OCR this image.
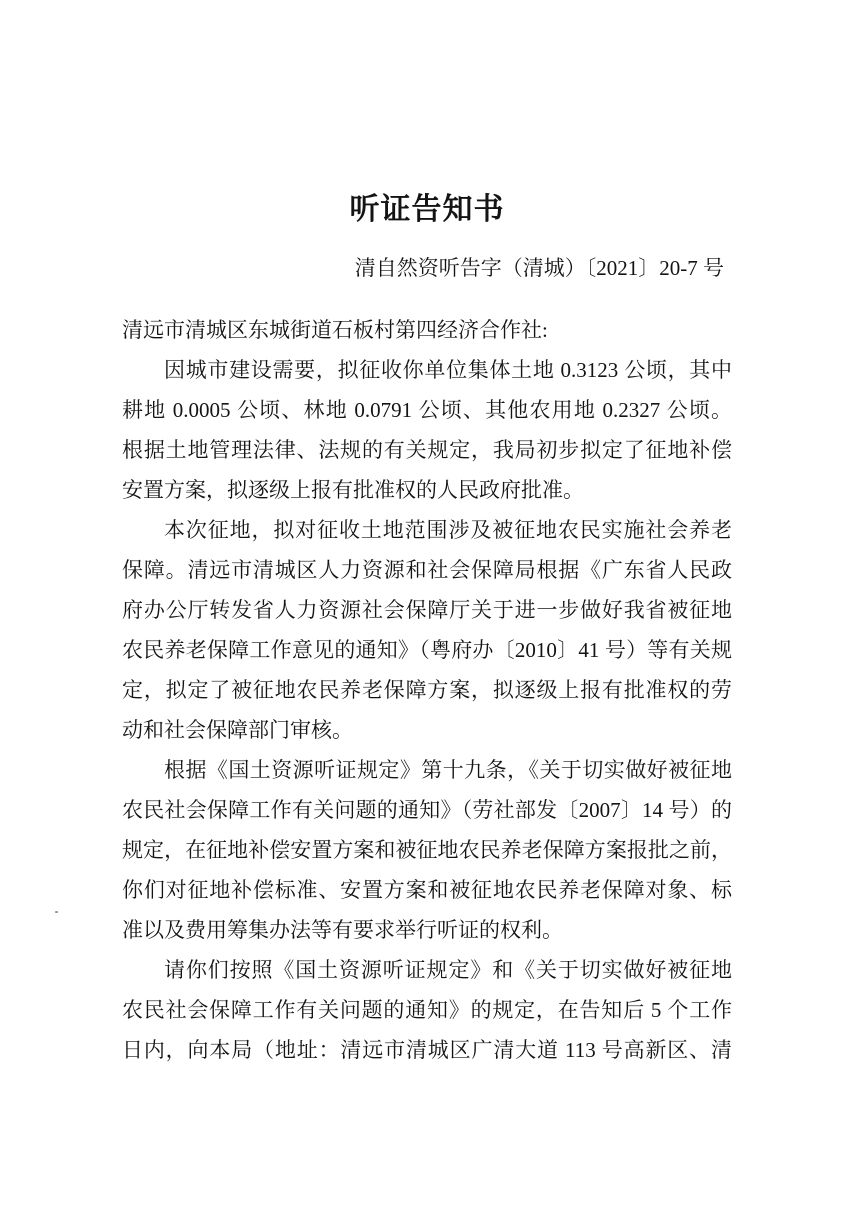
听证告知书
清自然资听告字（清城）〔2021〕20-7 号
清远市清城区东城街道石板村第四经济合作社:
因城市建设需要，拟征收你单位集体土地 0.3123 公顷，其中
耕地 0.0005 公顷、林地 0.0791 公顷、其他农用地 0.2327 公顷。
根据土地管理法律、法规的有关规定，我局初步拟定了征地补偿
安置方案，拟逐级上报有批准权的人民政府批准。
本次征地，拟对征收土地范围涉及被征地农民实施社会养老
保障。清远市清城区人力资源和社会保障局根据《广东省人民政
府办公厅转发省人力资源社会保障厅关于进一步做好我省被征地
农民养老保障工作意见的通知》（粤府办〔2010〕41 号）等有关规
定，拟定了被征地农民养老保障方案，拟逐级上报有批准权的劳
动和社会保障部门审核。
根据《国土资源听证规定》第十九条，《关于切实做好被征地
农民社会保障工作有关问题的通知》（劳社部发〔2007〕14 号）的
规定，在征地补偿安置方案和被征地农民养老保障方案报批之前，
你们对征地补偿标准、安置方案和被征地农民养老保障对象、标
准以及费用筹集办法等有要求举行听证的权利。
请你们按照《国土资源听证规定》和《关于切实做好被征地
农民社会保障工作有关问题的通知》的规定，在告知后 5 个工作
日内，向本局（地址：清远市清城区广清大道 113 号高新区、清
